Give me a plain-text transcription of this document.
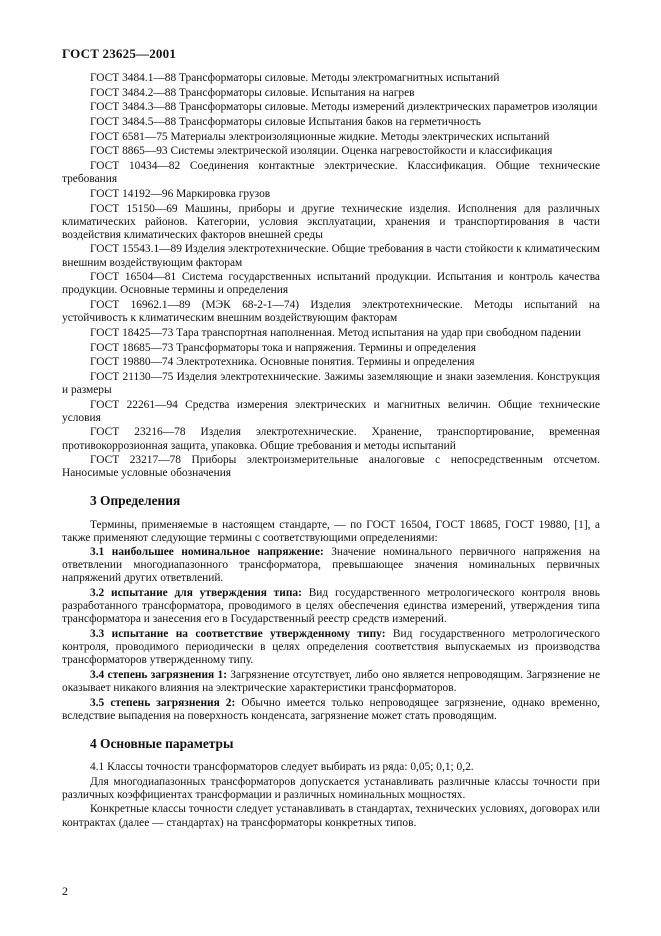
ГОСТ 23625—2001

ГОСТ 3484.1—88 Трансформаторы силовые. Методы электромагнитных испытаний

ГОСТ 3484.2—88 Трансформаторы силовые. Испытания на нагрев

ГОСТ 3484.3—88 Трансформаторы силовые. Методы измерений диэлектрических параметров изоляции

ГОСТ 3484.5—88 Трансформаторы силовые Испытания баков на герметичность

ГОСТ 6581—75 Материалы электроизоляционные жидкие. Методы электрических испытаний

ГОСТ 8865—93 Системы электрической изоляции. Оценка нагревостойкости и классификация

ГОСТ 10434—82 Соединения контактные электрические. Классификация. Общие технические требования

ГОСТ 14192—96 Маркировка грузов

ГОСТ 15150—69 Машины, приборы и другие технические изделия. Исполнения для различных климатических районов. Категории, условия эксплуатации, хранения и транспортирования в части воздействия климатических факторов внешней среды

ГОСТ 15543.1—89 Изделия электротехнические. Общие требования в части стойкости к климатическим внешним воздействующим факторам

ГОСТ 16504—81 Система государственных испытаний продукции. Испытания и контроль качества продукции. Основные термины и определения

ГОСТ 16962.1—89 (МЭК 68-2-1—74) Изделия электротехнические. Методы испытаний на устойчивость к климатическим внешним воздействующим факторам

ГОСТ 18425—73 Тара транспортная наполненная. Метод испытания на удар при свободном падении

ГОСТ 18685—73 Трансформаторы тока и напряжения. Термины и определения

ГОСТ 19880—74 Электротехника. Основные понятия. Термины и определения

ГОСТ 21130—75 Изделия электротехнические. Зажимы заземляющие и знаки заземления. Конструкция и размеры

ГОСТ 22261—94 Средства измерения электрических и магнитных величин. Общие технические условия

ГОСТ 23216—78 Изделия электротехнические. Хранение, транспортирование, временная противокоррозионная защита, упаковка. Общие требования и методы испытаний

ГОСТ 23217—78 Приборы электроизмерительные аналоговые с непосредственным отсчетом. Наносимые условные обозначения

3 Определения

Термины, применяемые в настоящем стандарте, — по ГОСТ 16504, ГОСТ 18685, ГОСТ 19880, [1], а также применяют следующие термины с соответствующими определениями:

3.1 наибольшее номинальное напряжение: Значение номинального первичного напряжения на ответвлении многодиапазонного трансформатора, превышающее значения номинальных первичных напряжений других ответвлений.

3.2 испытание для утверждения типа: Вид государственного метрологического контроля вновь разработанного трансформатора, проводимого в целях обеспечения единства измерений, утверждения типа трансформатора и занесения его в Государственный реестр средств измерений.

3.3 испытание на соответствие утвержденному типу: Вид государственного метрологического контроля, проводимого периодически в целях определения соответствия выпускаемых из производства трансформаторов утвержденному типу.

3.4 степень загрязнения 1: Загрязнение отсутствует, либо оно является непроводящим. Загрязнение не оказывает никакого влияния на электрические характеристики трансформаторов.

3.5 степень загрязнения 2: Обычно имеется только непроводящее загрязнение, однако временно, вследствие выпадения на поверхность конденсата, загрязнение может стать проводящим.

4 Основные параметры

4.1 Классы точности трансформаторов следует выбирать из ряда: 0,05; 0,1; 0,2.

Для многодиапазонных трансформаторов допускается устанавливать различные классы точности при различных коэффициентах трансформации и различных номинальных мощностях.

Конкретные классы точности следует устанавливать в стандартах, технических условиях, договорах или контрактах (далее — стандартах) на трансформаторы конкретных типов.

2
